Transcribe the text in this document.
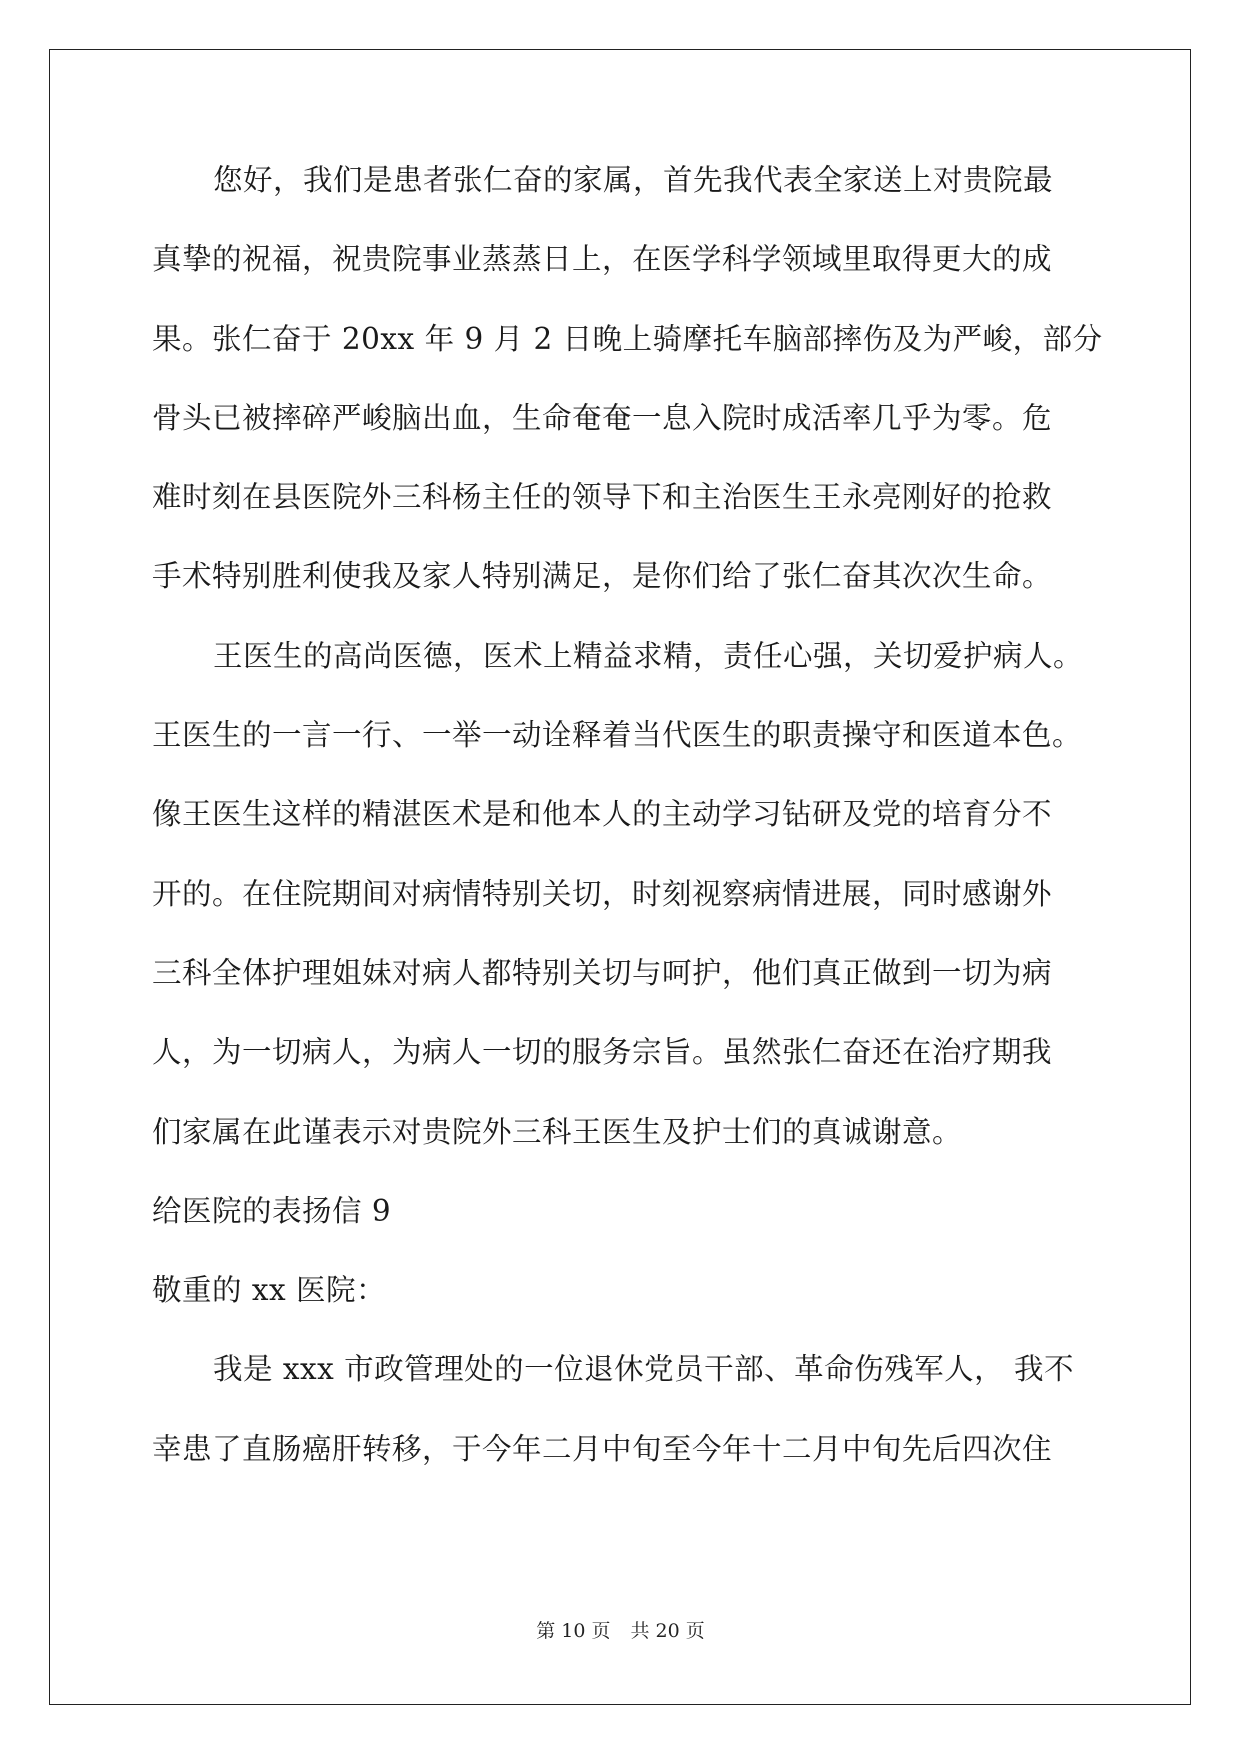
您好，我们是患者张仁奋的家属，首先我代表全家送上对贵院最
真挚的祝福，祝贵院事业蒸蒸日上，在医学科学领域里取得更大的成
果。张仁奋于 20xx 年 9 月 2 日晚上骑摩托车脑部摔伤及为严峻，部分
骨头已被摔碎严峻脑出血，生命奄奄一息入院时成活率几乎为零。危
难时刻在县医院外三科杨主任的领导下和主治医生王永亮刚好的抢救
手术特别胜利使我及家人特别满足，是你们给了张仁奋其次次生命。
王医生的高尚医德，医术上精益求精，责任心强，关切爱护病人。
王医生的一言一行、一举一动诠释着当代医生的职责操守和医道本色。
像王医生这样的精湛医术是和他本人的主动学习钻研及党的培育分不
开的。在住院期间对病情特别关切，时刻视察病情进展，同时感谢外
三科全体护理姐妹对病人都特别关切与呵护，他们真正做到一切为病
人，为一切病人，为病人一切的服务宗旨。虽然张仁奋还在治疗期我
们家属在此谨表示对贵院外三科王医生及护士们的真诚谢意。
给医院的表扬信 9
敬重的 xx 医院：
我是 xxx 市政管理处的一位退休党员干部、革命伤残军人， 我不
幸患了直肠癌肝转移，于今年二月中旬至今年十二月中旬先后四次住
第 10 页 共 20 页
